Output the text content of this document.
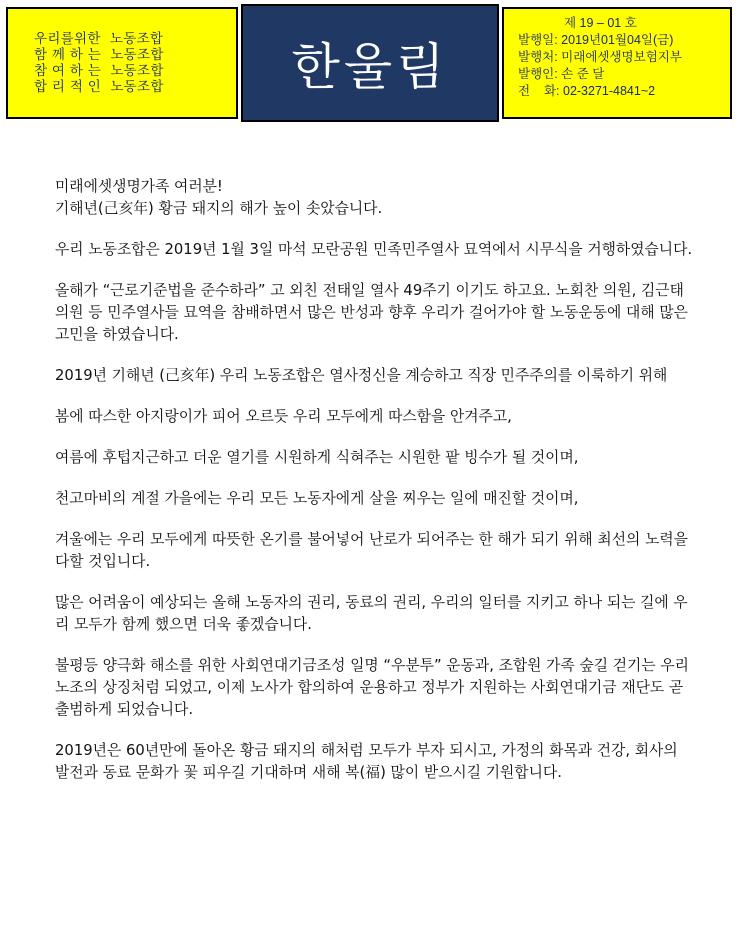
우리를위한  노동조합
함 께 하 는  노동조합
참 여 하 는  노동조합
합 리 적 인  노동조합	한울림
제 19 – 01 호
발행일: 2019년01월04일(금)
발행처: 미래에셋생명보험지부
발행인: 손 준 달
전    화: 02-3271-4841~2

미래에셋생명가족 여러분!
기해년(己亥年) 황금 돼지의 해가 높이 솟았습니다.

우리 노동조합은 2019년 1월 3일 마석 모란공원 민족민주열사 묘역에서 시무식을 거행하였습니다.

올해가 “근로기준법을 준수하라” 고 외친 전태일 열사 49주기 이기도 하고요. 노회찬 의원, 김근태 의원 등 민주열사들 묘역을 참배하면서 많은 반성과 향후 우리가 걸어가야 할 노동운동에 대해 많은 고민을 하였습니다.

2019년 기해년 (己亥年) 우리 노동조합은 열사정신을 계승하고 직장 민주주의를 이룩하기 위해

봄에 따스한 아지랑이가 피어 오르듯 우리 모두에게 따스함을 안겨주고,

여름에 후텁지근하고 더운 열기를 시원하게 식혀주는 시원한 팥 빙수가 될 것이며,

천고마비의 계절 가을에는 우리 모든 노동자에게 살을 찌우는 일에 매진할 것이며,

겨울에는 우리 모두에게 따뜻한 온기를 불어넣어 난로가 되어주는 한 해가 되기 위해 최선의 노력을 다할 것입니다.

많은 어려움이 예상되는 올해 노동자의 권리, 동료의 권리, 우리의 일터를 지키고 하나 되는 길에 우리 모두가 함께 했으면 더욱 좋겠습니다.

불평등 양극화 해소를 위한 사회연대기금조성 일명 “우분투” 운동과, 조합원 가족 숲길 걷기는 우리 노조의 상징처럼 되었고, 이제 노사가 합의하여 운용하고 정부가 지원하는 사회연대기금 재단도 곧 출범하게 되었습니다.

2019년은 60년만에 돌아온 황금 돼지의 해처럼 모두가 부자 되시고, 가정의 화목과 건강, 회사의 발전과 동료 문화가 꽃 피우길 기대하며 새해 복(福) 많이 받으시길 기원합니다.
